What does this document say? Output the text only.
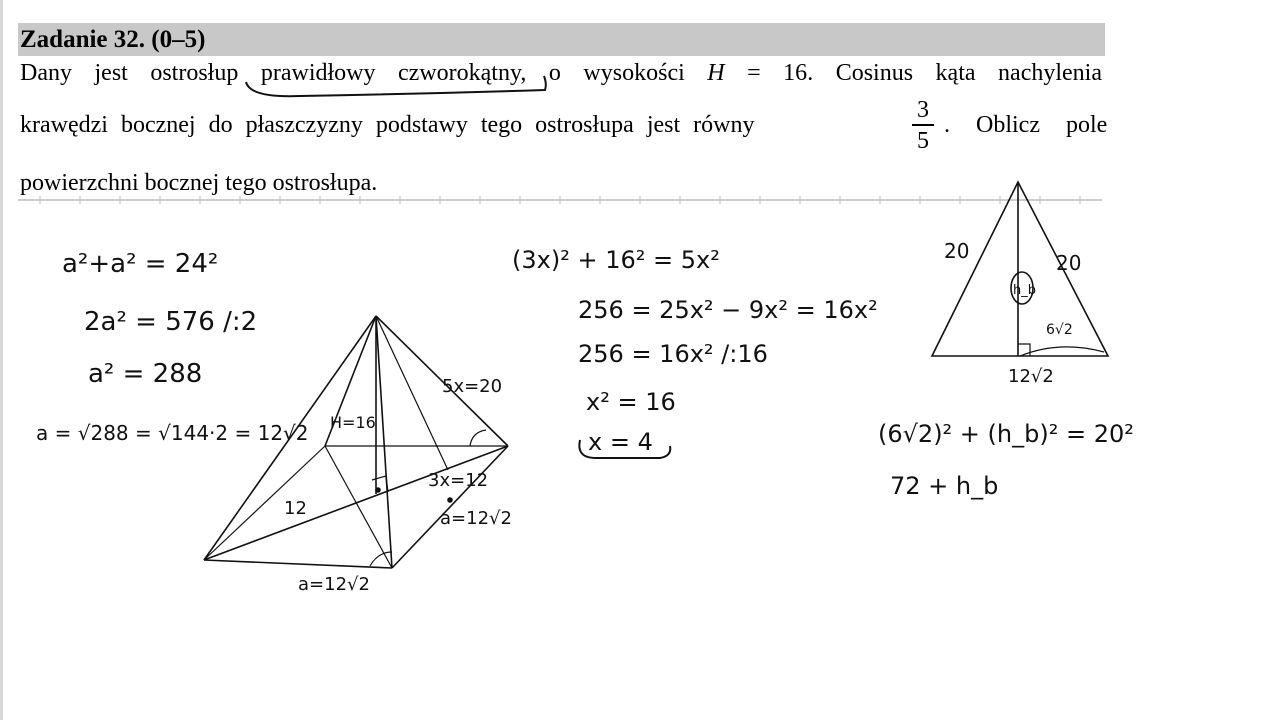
Zadanie 32. (0–5)
Dany jest ostrosłup prawidłowy czworokątny, o wysokości H = 16. Cosinus kąta nachylenia
krawędzi bocznej do płaszczyzny podstawy tego ostrosłupa jest równy
3
5
. Oblicz pole
powierzchni bocznej tego ostrosłupa.
a²+a² = 24²
2a² = 576 /:2
a² = 288
a = √288 = √144·2 = 12√2
(3x)² + 16² = 5x²
256 = 25x² − 9x² = 16x²
256 = 16x² /:16
x² = 16
x = 4	(6√2)² + (h_b)² = 20²
72 + h_b
H=16
5x=20
3x=12
12	a=12√2
a=12√2
20	20
h_b
6√2
12√2
